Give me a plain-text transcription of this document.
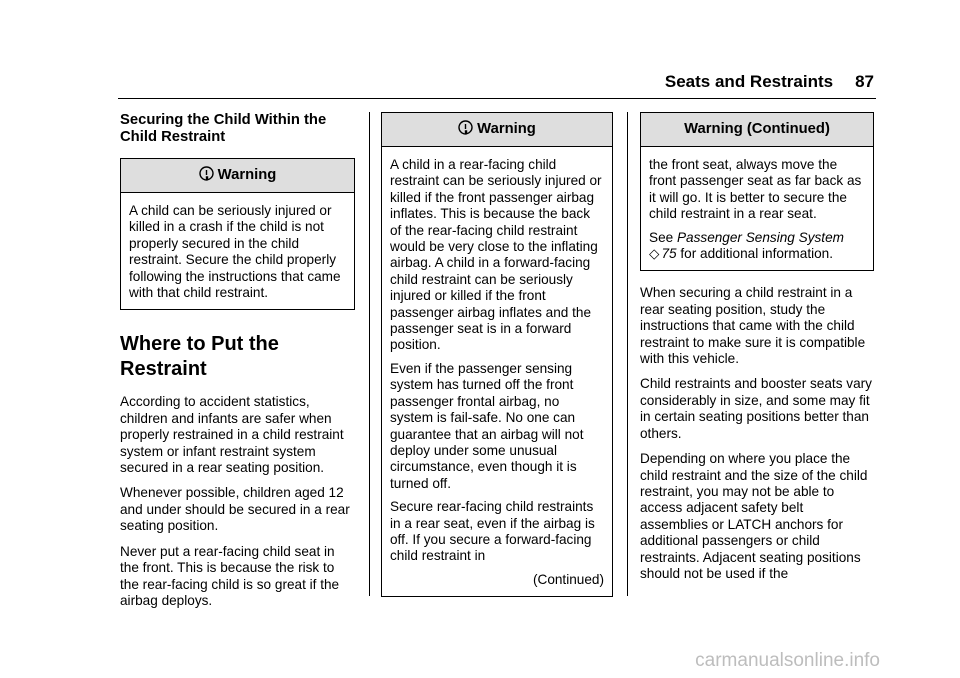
Seats and Restraints 87
Securing the Child Within the Child Restraint
Warning

A child can be seriously injured or killed in a crash if the child is not properly secured in the child restraint. Secure the child properly following the instructions that came with that child restraint.

Where to Put the Restraint

According to accident statistics, children and infants are safer when properly restrained in a child restraint system or infant restraint system secured in a rear seating position.

Whenever possible, children aged 12 and under should be secured in a rear seating position.

Never put a rear-facing child seat in the front. This is because the risk to the rear-facing child is so great if the airbag deploys.

Warning

A child in a rear-facing child restraint can be seriously injured or killed if the front passenger airbag inflates. This is because the back of the rear-facing child restraint would be very close to the inflating airbag. A child in a forward-facing child restraint can be seriously injured or killed if the front passenger airbag inflates and the passenger seat is in a forward position.

Even if the passenger sensing system has turned off the front passenger frontal airbag, no system is fail-safe. No one can guarantee that an airbag will not deploy under some unusual circumstance, even though it is turned off.

Secure rear-facing child restraints in a rear seat, even if the airbag is off. If you secure a forward-facing child restraint in

(Continued)
Warning (Continued)

the front seat, always move the front passenger seat as far back as it will go. It is better to secure the child restraint in a rear seat.

See Passenger Sensing System
◇ 75 for additional information.

When securing a child restraint in a rear seating position, study the instructions that came with the child restraint to make sure it is compatible with this vehicle.

Child restraints and booster seats vary considerably in size, and some may fit in certain seating positions better than others.

Depending on where you place the child restraint and the size of the child restraint, you may not be able to access adjacent safety belt assemblies or LATCH anchors for additional passengers or child restraints. Adjacent seating positions should not be used if the

carmanualsonline.info
